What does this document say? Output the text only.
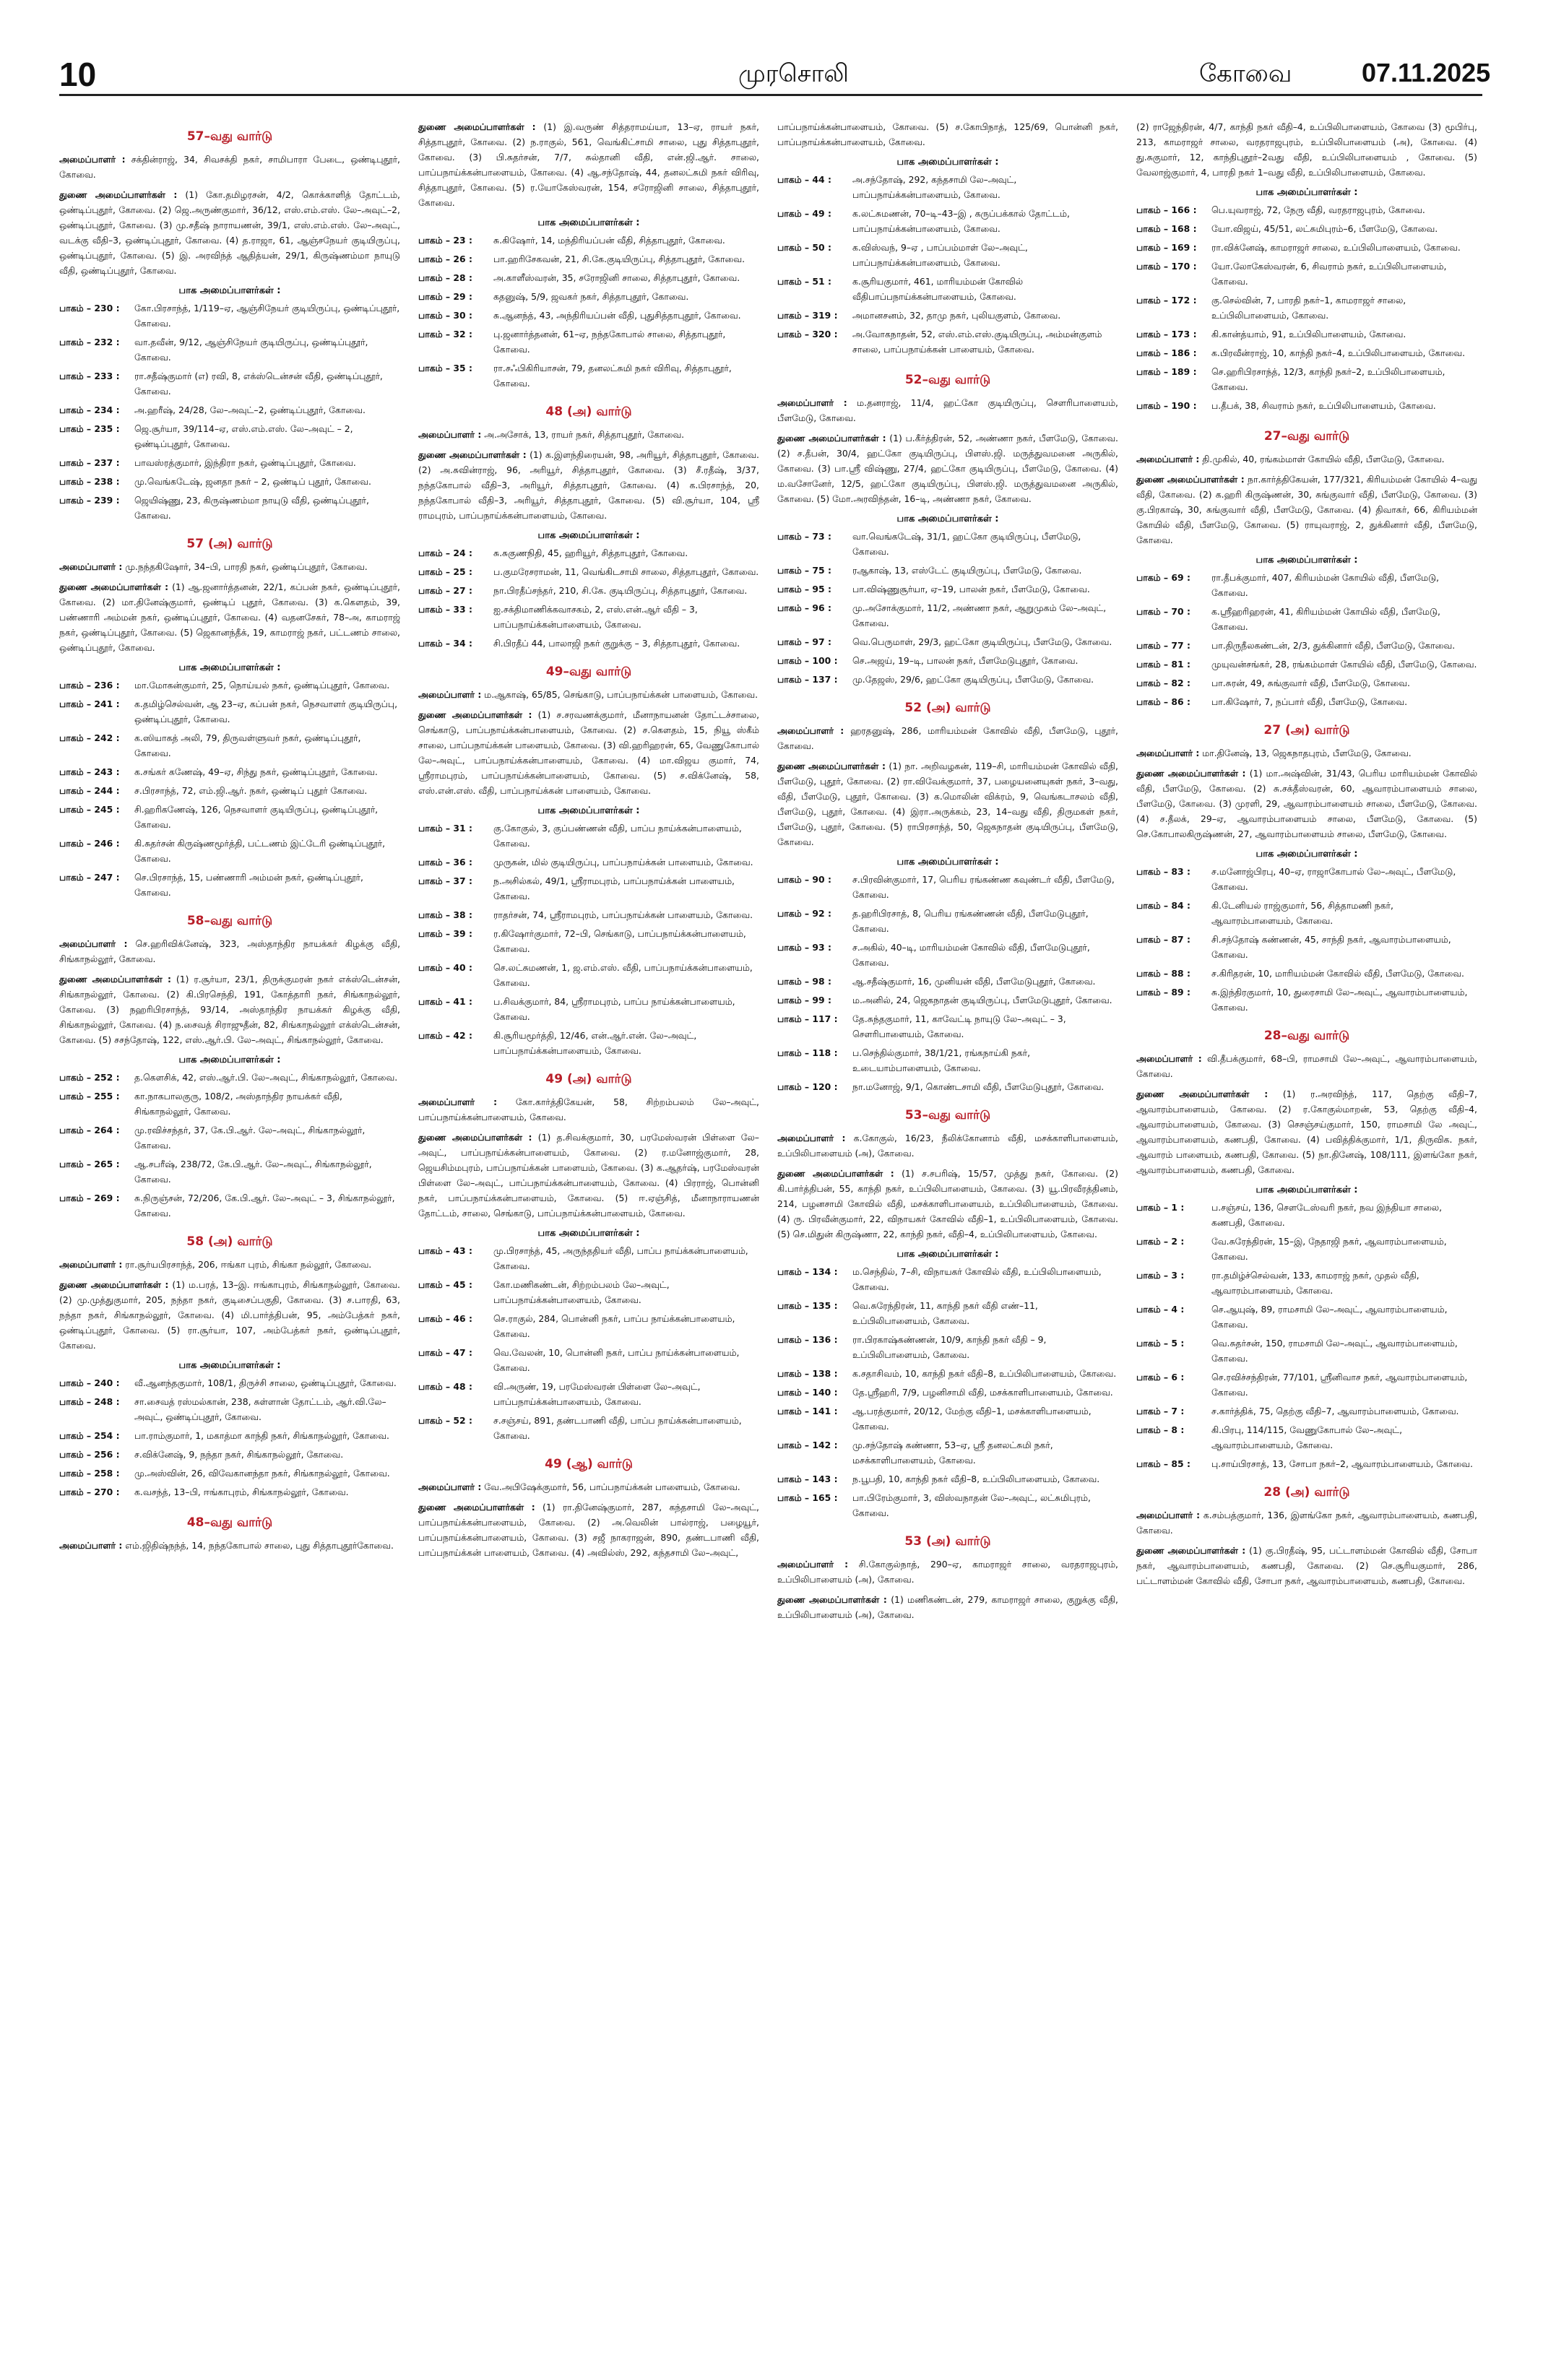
10	முரசொலி	கோவை	07.11.2025
57–வது வார்டு
அமைப்பாளர் : சக்தின்ராஜ், 34, சிவசக்தி நகர், சாமிபாரா பேடை, ஒண்டிபுதூர், கோவை.
துணை அமைப்பாளர்கள் : (1) கோ.தமிழரசன், 4/2, கொக்காளித் தோட்டம், ஒண்டிப்புதூர், கோவை. (2) ஜெ.அருண்குமார், 36/12, எஸ்.எம்.எஸ். லே–அவுட்–2, ஒண்டிப்புதூர், கோவை. (3) மு.சதீஷ் நாராயணன், 39/1, எஸ்.எம்.எஸ். லே–அவுட், வடக்கு வீதி–3, ஒண்டிப்புதூர், கோவை. (4) த.ராஜா, 61, ஆஞ்சநேயர் குடியிருப்பு, ஒண்டிப்புதூர், கோவை. (5) இ. அரவிந்த் ஆதித்யன், 29/1, கிருஷ்ணம்மா நாயுடு வீதி, ஒண்டிப்புதூர், கோவை.
பாக அமைப்பாளர்கள் :
பாகம் – 230 :	கோ.பிரசாந்த், 1/119–ஏ, ஆஞ்சிநேயர் குடியிருப்பு, ஒண்டிப்புதூர், கோவை.
பாகம் – 232 :	வா.தவீன், 9/12, ஆஞ்சிநேயர் குடியிருப்பு, ஒண்டிப்புதூர், கோவை.
பாகம் – 233 :	ரா.சதீஷ்குமார் (எ) ரவி, 8, எக்ஸ்டென்சன் வீதி, ஒண்டிப்புதூர், கோவை.
பாகம் – 234 :	அ.ஹரீஷ், 24/28, லே–அவுட்–2, ஒண்டிப்புதூர், கோவை.
பாகம் – 235 :	ஜெ.சூர்யா, 39/114–ஏ, எஸ்.எம்.எஸ். லே–அவுட் – 2, ஒண்டிப்புதூர், கோவை.
பாகம் – 237 :	பாவஸ்ரத்குமார், இந்திரா நகர், ஒண்டிப்புதூர், கோவை.
பாகம் – 238 :	மு.வெங்கடேஷ், ஜனதா நகர் – 2, ஒண்டிப் புதூர், கோவை.
பாகம் – 239 :	ஜெயிஷ்ணு, 23, கிருஷ்ணம்மா நாயுடு வீதி, ஒண்டிப்புதூர், கோவை.
57 (அ) வார்டு
அமைப்பாளர் : மு.நந்தகிஷோர், 34–பி, பாரதி நகர், ஒண்டிப்புதூர், கோவை.
துணை அமைப்பாளர்கள் : (1) ஆ.ஜனார்த்தனன், 22/1, கப்பன் நகர், ஒண்டிப்புதூர், கோவை. (2) மா.தினேஷ்குமார், ஒண்டிப் புதூர், கோவை. (3) க.கௌதம், 39, பண்ணாரி அம்மன் நகர், ஒண்டிப்புதூர், கோவை. (4) வதனசேகர், 78–அ, காமராஜ் நகர், ஒண்டிப்புதூர், கோவை. (5) ஜெகானந்தீக், 19, காமராஜ் நகர், பட்டணம் சாலை, ஒண்டிப்புதூர், கோவை.
பாக அமைப்பாளர்கள் :
பாகம் – 236 :	மா.மோகன்குமார், 25, நொய்யல் நகர், ஒண்டிப்புதூர், கோவை.
பாகம் – 241 :	க.தமிழ்செல்வன், ஆ 23–ஏ, கப்பன் நகர், நெசவாளர் குடியிருப்பு, ஒண்டிப்புதூர், கோவை.
பாகம் – 242 :	க.ஸியாகத் அலி, 79, திருவள்ளுவர் நகர், ஒண்டிப்புதூர், கோவை.
பாகம் – 243 :	க.சங்கர் கணேஷ், 49–ஏ, சிந்து நகர், ஒண்டிப்புதூர், கோவை.
பாகம் – 244 :	ச.பிரசாந்த், 72, எம்.ஜி.ஆர். நகர், ஒண்டிப் புதூர் கோவை.
பாகம் – 245 :	சி.ஹரிகணேஷ், 126, நெசவாளர் குடியிருப்பு, ஒண்டிப்புதூர், கோவை.
பாகம் – 246 :	கி.சுதர்சன் கிருஷ்ணமூர்த்தி, பட்டணம் இட்டேரி ஒண்டிப்புதூர், கோவை.
பாகம் – 247 :	செ.பிரசாந்த், 15, பண்ணாரி அம்மன் நகர், ஒண்டிப்புதூர், கோவை.
58–வது வார்டு
அமைப்பாளர் : செ.ஹரிவிக்னேஷ், 323, அஸ்தாந்திர நாயக்கர் கிழக்கு வீதி, சிங்காநல்லூர், கோவை.
துணை அமைப்பாளர்கள் : (1) ர.சூர்யா, 23/1, திருக்குமரன் நகர் எக்ஸ்டென்சன், சிங்காநல்லூர், கோவை. (2) கி.பிரசெந்தி, 191, கோத்தாரி நகர், சிங்காநல்லூர், கோவை. (3) நஹரிபிரசாந்த், 93/14, அஸ்தாந்திர நாயக்கர் கிழக்கு வீதி, சிங்காநல்லூர், கோவை. (4) ந.சைவத் சிராஜுதீன், 82, சிங்காநல்லூர் எக்ஸ்டென்சன், கோவை. (5) சசந்தோஷ், 122, எஸ்.ஆர்.பி. லே–அவுட், சிங்காநல்லூர், கோவை.
பாக அமைப்பாளர்கள் :
பாகம் – 252 :	த.கௌசிக், 42, எஸ்.ஆர்.பி. லே–அவுட், சிங்காநல்லூர், கோவை.
பாகம் – 255 :	கா.நாகபாலகுரு, 108/2, அஸ்தாந்திர நாயக்கர் வீதி, சிங்காநல்லூர், கோவை.
பாகம் – 264 :	மு.ரவிச்சந்தர், 37, கே.பி.ஆர். லே–அவுட், சிங்காநல்லூர், கோவை.
பாகம் – 265 :	ஆ.சபரீஷ், 238/72, கே.பி.ஆர். லே–அவுட், சிங்காநல்லூர், கோவை.
பாகம் – 269 :	சு.நிருஞ்சன், 72/206, கே.பி.ஆர். லே–அவுட் – 3, சிங்காநல்லூர், கோவை.
58 (அ) வார்டு
அமைப்பாளர் : ரா.சூர்யபிரசாந்த், 206, ஈங்கா புரம், சிங்கா நல்லூர், கோவை.
துணை அமைப்பாளர்கள் : (1) ம.பரத், 13–இ. ஈங்காபுரம், சிங்காநல்லூர், கோவை. (2) மு.முத்துகுமார், 205, நந்தா நகர், குடிசைப்பகுதி, கோவை. (3) ச.பாரதி, 63, நந்தா நகர், சிங்காநல்லூர், கோவை. (4) மி.பார்த்திபன், 95, அம்பேத்கர் நகர், ஒண்டிப்புதூர், கோவை. (5) ரா.சூர்யா, 107, அம்பேத்கர் நகர், ஒண்டிப்புதூர், கோவை.
பாக அமைப்பாளர்கள் :
பாகம் – 240 :	வீ.ஆனந்தகுமார், 108/1, திருச்சி சாலை, ஒண்டிப்புதூர், கோவை.
பாகம் – 248 :	சா.சைவத் ரஸ்மல்கான், 238, சுள்ளான் தோட்டம், ஆர்.வி.லே– அவுட், ஒண்டிப்புதூர், கோவை.
பாகம் – 254 :	பா.ராம்குமார், 1, மகாத்மா காந்தி நகர், சிங்காநல்லூர், கோவை.
பாகம் – 256 :	ச.விக்னேஷ், 9, நந்தா நகர், சிங்காநல்லூர், கோவை.
பாகம் – 258 :	மு.அஸ்வின், 26, விவேகானந்தா நகர், சிங்காநல்லூர், கோவை.
பாகம் – 270 :	க.வசந்த், 13–பி, ஈங்காபுரம், சிங்காநல்லூர், கோவை.
48–வது வார்டு
அமைப்பாளர் : எம்.ஜிதிஷ்நந்த், 14, நந்தகோபால் சாலை, புது சித்தாபுதூர்கோவை.
துணை அமைப்பாளர்கள் : (1) இ.வருண் சித்தராமய்யா, 13–ஏ, ராயர் நகர், சித்தாபுதூர், கோவை. (2) ந.ராகுல், 561, வெங்கிட்சாமி சாலை, புது சித்தாபுதூர், கோவை. (3) பி.சுதர்சன், 7/7, சுல்தானி வீதி, என்.ஜி.ஆர். சாலை, பாப்பநாய்க்கன்பாளையம், கோவை. (4) ஆ.சந்தோஷ், 44, தனலட்சுமி நகர் விரிவு, சித்தாபுதூர், கோவை. (5) ர.யோகேஸ்வரன், 154, சரோஜினி சாலை, சித்தாபுதூர், கோவை.
பாக அமைப்பாளர்கள் :
பாகம் – 23 :	சு.கிஷோர், 14, மந்திரியப்பன் வீதி, சித்தாபுதூர், கோவை.
பாகம் – 26 :	பா.ஹரிசேகவன், 21, சி.கே.குடியிருப்பு, சித்தாபுதூர், கோவை.
பாகம் – 28 :	அ.காளீஸ்வரன், 35, சரோஜினி சாலை, சித்தாபுதூர், கோவை.
பாகம் – 29 :	கதனுஷ், 5/9, ஜவகர் நகர், சித்தாபுதூர், கோவை.
பாகம் – 30 :	சு.ஆனந்த், 43, அந்திரியப்பன் வீதி, புதுசித்தாபுதூர், கோவை.
பாகம் – 32 :	பு.ஜனார்த்தனன், 61–ஏ, நந்தகோபால் சாலை, சித்தாபுதூர், கோவை.
பாகம் – 35 :	ரா.சஃபிகிரியாசன், 79, தனலட்சுமி நகர் விரிவு, சித்தாபுதூர், கோவை.
48 (அ) வார்டு
அமைப்பாளர் : அ.அசோக், 13, ராயர் நகர், சித்தாபுதூர், கோவை.
துணை அமைப்பாளர்கள் : (1) க.இளந்திரையன், 98, அரியூர், சித்தாபுதூர், கோவை. (2) அ.சுவின்ராஜ், 96, அரியூர், சித்தாபுதூர், கோவை. (3) சீ.ரதீஷ், 3/37, நந்தகோபால் வீதி–3, அரியூர், சித்தாபுதூர், கோவை. (4) க.பிரசாந்த், 20, நந்தகோபால் வீதி–3, அரியூர், சித்தாபுதூர், கோவை. (5) வி.சூர்யா, 104, ஸ்ரீ ராமபுரம், பாப்பநாய்க்கன்பாளையம், கோவை.
பாக அமைப்பாளர்கள் :
பாகம் – 24 :	சு.சுகுணநிதி, 45, ஹரியூர், சித்தாபுதூர், கோவை.
பாகம் – 25 :	ப.குமரேசராமன், 11, வெங்கிடசாமி சாலை, சித்தாபுதூர், கோவை.
பாகம் – 27 :	நா.பிரதீப்சந்தர், 210, சி.கே. குடியிருப்பு, சித்தாபுதூர், கோவை.
பாகம் – 33 :	ஐ.சக்திமாணிக்கவாசகம், 2, எஸ்.என்.ஆர் வீதி – 3, பாப்பநாய்க்கன்பாளையம், கோவை.
பாகம் – 34 :	சி.பிரதீப் 44, பாலாஜி நகர் குறுக்கு – 3, சித்தாபுதூர், கோவை.
49–வது வார்டு
அமைப்பாளர் : ம.ஆகாஷ், 65/85, செங்காடு, பாப்பநாய்க்கன் பாளையம், கோவை.
துணை அமைப்பாளர்கள் : (1) ச.சரவணக்குமார், மீனாநாயனன் தோட்டச்சாலை, செங்காடு, பாப்பநாய்க்கன்பாளையம், கோவை. (2) ச.கௌதம், 15, நியூ ஸ்கீம் சாலை, பாப்பநாய்க்கன் பாளையம், கோவை. (3) வி.ஹரிஹரன், 65, வேணுகோபால் லே–அவுட், பாப்பநாய்க்கன்பாளையம், கோவை. (4) மா.விஜய குமார், 74, ஸ்ரீராமபுரம், பாப்பநாய்க்கன்பாளையம், கோவை. (5) ச.விக்னேஷ், 58, எஸ்.என்.எஸ். வீதி, பாப்பநாய்க்கன் பாளையம், கோவை.
பாக அமைப்பாளர்கள் :
பாகம் – 31 :	கு.கோகுல், 3, குப்பண்ணன் வீதி, பாப்ப நாய்க்கன்பாளையம், கோவை.
பாகம் – 36 :	முருகன், மில் குடியிருப்பு, பாப்பநாய்க்கன் பாளையம், கோவை.
பாகம் – 37 :	ந.அசில்கல், 49/1, ஸ்ரீராமபுரம், பாப்பநாய்க்கன் பாளையம், கோவை.
பாகம் – 38 :	ராதர்சன், 74, ஸ்ரீராமபுரம், பாப்பநாய்க்கன் பாளையம், கோவை.
பாகம் – 39 :	ர.கிஷோர்குமார், 72–பி, செங்காடு, பாப்பநாய்க்கன்பாளையம், கோவை.
பாகம் – 40 :	செ.லட்சுமணன், 1, ஜ.எம்.எஸ். வீதி, பாப்பநாய்க்கன்பாளையம், கோவை.
பாகம் – 41 :	ப.சிவக்குமார், 84, ஸ்ரீராமபுரம், பாப்ப நாய்க்கன்பாளையம், கோவை.
பாகம் – 42 :	கி.சூரியமூர்த்தி, 12/46, என்.ஆர்.என். லே–அவுட், பாப்பநாய்க்கன்பாளையம், கோவை.
49 (அ) வார்டு
அமைப்பாளர் : கோ.கார்த்திகேயன், 58, சிற்றம்பலம் லே–அவுட், பாப்பநாய்க்கன்பாளையம், கோவை.
துணை அமைப்பாளர்கள் : (1) த.சிவக்குமார், 30, பரமேஸ்வரன் பிள்ளை லே–அவுட், பாப்பநாய்க்கன்பாளையம், கோவை. (2) ர.மனோஜ்குமார், 28, ஜெயசிம்மபுரம், பாப்பநாய்க்கன் பாளையம், கோவை. (3) க.ஆதர்ஷ், பரமேஸ்வரன் பிள்ளை லே–அவுட், பாப்பநாய்க்கன்பாளையம், கோவை. (4) பிரராஜ், பொன்னி நகர், பாப்பநாய்க்கன்பாளையம், கோவை. (5) ஈ.ஏஞ்சித், மீனாநாராயணன் தோட்டம், சாலை, செங்காடு, பாப்பநாய்க்கன்பாளையம், கோவை.
பாக அமைப்பாளர்கள் :
பாகம் – 43 :	மு.பிரசாந்த், 45, அருந்ததியர் வீதி, பாப்ப நாய்க்கன்பாளையம், கோவை.
பாகம் – 45 :	கோ.மணிகண்டன், சிற்றம்பலம் லே–அவுட், பாப்பநாய்க்கன்பாளையம், கோவை.
பாகம் – 46 :	செ.ராகுல், 284, பொன்னி நகர், பாப்ப நாய்க்கன்பாளையம், கோவை.
பாகம் – 47 :	வெ.வேலன், 10, பொன்னி நகர், பாப்ப நாய்க்கன்பாளையம், கோவை.
பாகம் – 48 :	வி.அருண், 19, பரமேஸ்வரன் பிள்ளை லே–அவுட், பாப்பநாய்க்கன்பாளையம், கோவை.
பாகம் – 52 :	ச.சஞ்சய், 891, தண்டபாணி வீதி, பாப்ப நாய்க்கன்பாளையம், கோவை.
49 (ஆ) வார்டு
அமைப்பாளர் : வே.அபிஷேக்குமார், 56, பாப்பநாய்க்கன் பாளையம், கோவை.
துணை அமைப்பாளர்கள் : (1) ரா.தினேஷ்குமார், 287, கந்தசாமி லே–அவுட், பாப்பநாய்க்கன்பாளையம், கோவை. (2) அ.வெலின் பால்ராஜ், பழையூர், பாப்பநாய்க்கன்பாளையம், கோவை. (3) சஜீ நாகராஜன், 890, தண்டபாணி வீதி, பாப்பநாய்க்கன் பாளையம், கோவை. (4) அவில்ஸ், 292, கந்தசாமி லே–அவுட்,
பாப்பநாய்க்கன்பாளையம், கோவை. (5) ச.கோபிநாத், 125/69, பொன்னி நகர், பாப்பநாய்க்கன்பாளையம், கோவை.
பாக அமைப்பாளர்கள் :
பாகம் – 44 :	அ.சந்தோஷ், 292, கந்தசாமி லே–அவுட், பாப்பநாய்க்கன்பாளையம், கோவை.
பாகம் – 49 :	க.லட்சுமணன், 70–டி–43–இ , கருப்பக்கால் தோட்டம், பாப்பநாய்க்கன்பாளையம், கோவை.
பாகம் – 50 :	க.விஸ்வந், 9–ஏ , பாப்பம்மாள் லே–அவுட், பாப்பநாய்க்கன்பாளையம், கோவை.
பாகம் – 51 :	க.சூரியகுமார், 461, மாரியம்மன் கோவில் வீதிபாப்பநாய்க்கன்பாளையம், கோவை.
பாகம் – 319 :	அமானசனம், 32, தாமு நகர், புலியகுளம், கோவை.
பாகம் – 320 :	அ.வோகநாதன், 52, எஸ்.எம்.எஸ்.குடியிருப்பு, அம்மன்குளம் சாலை, பாப்பநாய்க்கன் பாளையம், கோவை.
52–வது வார்டு
அமைப்பாளர் : ம.தனராஜ், 11/4, ஹட்கோ குடியிருப்பு, சௌரிபாளையம், பீளமேடு, கோவை.
துணை அமைப்பாளர்கள் : (1) ப.கீர்த்திரன், 52, அண்ணா நகர், பீளமேடு, கோவை. (2) ச.தீபன், 30/4, ஹட்கோ குடியிருப்பு, பிளஸ்.ஜி. மருத்துவமனை அருகில், கோவை. (3) பா.ஸ்ரீ விஷ்ணு, 27/4, ஹட்கோ குடியிருப்பு, பீளமேடு, கோவை. (4) ம.வசோனேர், 12/5, ஹட்கோ குடியிருப்பு, பிளஸ்.ஜி. மருத்துவமனை அருகில், கோவை. (5) மோ.அரவிந்தன், 16–டி, அண்ணா நகர், கோவை.
பாக அமைப்பாளர்கள் :
பாகம் – 73 :	வா.வெங்கடேஷ், 31/1, ஹட்கோ குடியிருப்பு, பீளமேடு, கோவை.
பாகம் – 75 :	ரஆகாஷ், 13, எஸ்டேட் குடியிருப்பு, பீளமேடு, கோவை.
பாகம் – 95 :	பா.விஷ்ணுசூர்யா, ஏ–19, பாலன் நகர், பீளமேடு, கோவை.
பாகம் – 96 :	மு.அசோக்குமார், 11/2, அண்ணா நகர், ஆறுமுகம் லே–அவுட், கோவை.
பாகம் – 97 :	வெ.பெருமாள், 29/3, ஹட்கோ குடியிருப்பு, பீளமேடு, கோவை.
பாகம் – 100 :	செ.அஜய், 19–டி, பாலன் நகர், பீளமேடுபுதூர், கோவை.
பாகம் – 137 :	மு.தேஜஸ், 29/6, ஹட்கோ குடியிருப்பு, பீளமேடு, கோவை.
52 (அ) வார்டு
அமைப்பாளர் : ஹரதனுஷ், 286, மாரியம்மன் கோவில் வீதி, பீளமேடு, புதூர், கோவை.
துணை அமைப்பாளர்கள் : (1) நா. அறிவழகன், 119–சி, மாரியம்மன் கோவில் வீதி, பீளமேடு, புதூர், கோவை. (2) ரா.விவேக்குமார், 37, பழையனையுகள் நகர், 3–வது, வீதி, பீளமேடு, புதூர், கோவை. (3) க.மொலின் விக்ரம், 9, வெங்கடாசலம் வீதி, பீளமேடு, புதூர், கோவை. (4) இரா.அருக்கம், 23, 14–வது வீதி, திருமகள் நகர், பீளமேடு, புதூர், கோவை. (5) ராபிரசாந்த், 50, ஜெகநாதன் குடியிருப்பு, பீளமேடு, கோவை.
பாக அமைப்பாளர்கள் :
பாகம் – 90 :	ச.பிரவின்குமார், 17, பெரிய ரங்கண்ண கவுண்டர் வீதி, பீளமேடு, கோவை.
பாகம் – 92 :	த.ஹரிபிரசாத், 8, பெரிய ரங்கண்ணன் வீதி, பீளமேடுபுதூர், கோவை.
பாகம் – 93 :	ச.அகில், 40–டி, மாரியம்மன் கோவில் வீதி, பீளமேடுபுதூர், கோவை.
பாகம் – 98 :	ஆ.சதீஷ்குமார், 16, முனியன் வீதி, பீளமேடுபுதூர், கோவை.
பாகம் – 99 :	ம.அனில், 24, ஜெகநாதன் குடியிருப்பு, பீளமேடுபுதூர், கோவை.
பாகம் – 117 :	தே.சுந்தகுமார், 11, காவேட்டி நாயுடு லே–அவுட் – 3, சௌரிபாளையம், கோவை.
பாகம் – 118 :	ப.செந்தில்குமார், 38/1/21, ரங்கநாய்கி நகர், உடையாம்பாளையம், கோவை.
பாகம் – 120 :	நா.மனோஜ், 9/1, கொண்டசாமி வீதி, பீளமேடுபுதூர், கோவை.
53–வது வார்டு
அமைப்பாளர் : க.கோகுல், 16/23, நீலிக்கோனாம் வீதி, மசக்காளிபாளையம், உப்பிலிபாளையம் (அ), கோவை.
துணை அமைப்பாளர்கள் : (1) ச.சபரிஷ், 15/57, முத்து நகர், கோவை. (2) கி.பார்த்திபன், 55, காந்தி நகர், உப்பிலிபாளையம், கோவை. (3) யூ.பிரவீரத்தினம், 214, பழனசாமி கோவில் வீதி, மசக்காளிபாளையம், உப்பிலிபாளையம், கோவை. (4) ரு. பிரவீன்குமார், 22, விநாயகர் கோவில் வீதி–1, உப்பிலிபாளையம், கோவை. (5) செ.மிதுன் கிருஷ்ணா, 22, காந்தி நகர், வீதி–4, உப்பிலிபாளையம், கோவை.
பாக அமைப்பாளர்கள் :
பாகம் – 134 :	ம.செந்தில், 7–சி, விநாயகர் கோவில் வீதி, உப்பிலிபாளையம், கோவை.
பாகம் – 135 :	வெ.சுரேந்திரன், 11, காந்தி நகர் வீதி எண்–11, உப்பிலிபாளையம், கோவை.
பாகம் – 136 :	ரா.பிரகாஷ்கண்ணன், 10/9, காந்தி நகர் வீதி – 9, உப்பிலிபாளையம், கோவை.
பாகம் – 138 :	க.சதாசிவம், 10, காந்தி நகர் வீதி–8, உப்பிலிபாளையம், கோவை.
பாகம் – 140 :	தே.ஸ்ரீஹரி, 7/9, பழனிசாமி வீதி, மசக்காளிபாளையம், கோவை.
பாகம் – 141 :	ஆ.பரத்குமார், 20/12, மேற்கு வீதி–1, மசக்காளிபாளையம், கோவை.
பாகம் – 142 :	மு.சந்தோஷ் கண்ணா, 53–ஏ, ஸ்ரீ தனலட்சுமி நகர், மசக்காளிபாளையம், கோவை.
பாகம் – 143 :	ந.பூபதி, 10, காந்தி நகர் வீதி–8, உப்பிலிபாளையம், கோவை.
பாகம் – 165 :	பா.பிரேம்குமார், 3, விஸ்வநாதன் லே–அவுட், லட்சுமிபுரம், கோவை.
53 (அ) வார்டு
அமைப்பாளர் : சி.கோகுல்நாத், 290–ஏ, காமராஜர் சாலை, வரதராஜபுரம், உப்பிலிபாளையம் (அ), கோவை.
துணை அமைப்பாளர்கள் : (1) மணிகண்டன், 279, காமராஜர் சாலை, குறுக்கு வீதி, உப்பிலிபாளையம் (அ), கோவை.
(2) ராஜேந்திரன், 4/7, காந்தி நகர் வீதி–4, உப்பிலிபாளையம், கோவை (3) மூபிர்பு, 213, காமராஜர் சாலை, வரதராஜபுரம், உப்பிலிபாளையம் (அ), கோவை. (4) து.சுகுமார், 12, காந்திபுதூர்–2வது வீதி, உப்பிலிபாளையம் , கோவை. (5) வேலாஜ்குமார், 4, பாரதி நகர் 1–வது வீதி, உப்பிலிபாளையம், கோவை.
பாக அமைப்பாளர்கள் :
பாகம் – 166 :	பெ.யுவராஜ், 72, நேரு வீதி, வரதராஜபுரம், கோவை.
பாகம் – 168 :	யோ.விஜய், 45/51, லட்சுமிபுரம்–6, பீளமேடு, கோவை.
பாகம் – 169 :	ரா.விக்னேஷ், காமராஜர் சாலை, உப்பிலிபாளையம், கோவை.
பாகம் – 170 :	யோ.லோகேஸ்வரன், 6, சிவராம் நகர், உப்பிலிபாளையம், கோவை.
பாகம் – 172 :	கு.செல்வின், 7, பாரதி நகர்–1, காமராஜர் சாலை, உப்பிலிபாளையம், கோவை.
பாகம் – 173 :	கி.கான்த்யாம், 91, உப்பிலிபாளையம், கோவை.
பாகம் – 186 :	க.பிரவீன்ராஜ், 10, காந்தி நகர்–4, உப்பிலிபாளையம், கோவை.
பாகம் – 189 :	செ.ஹரிபிரசாந்த், 12/3, காந்தி நகர்–2, உப்பிலிபாளையம், கோவை.
பாகம் – 190 :	ப.தீபக், 38, சிவராம் நகர், உப்பிலிபாளையம், கோவை.
27–வது வார்டு
அமைப்பாளர் : தி.முகில், 40, ரங்கம்மாள் கோயில் வீதி, பீளமேடு, கோவை.
துணை அமைப்பாளர்கள் : நா.கார்த்திகேயன், 177/321, கிரியம்மன் கோயில் 4–வது வீதி, கோவை. (2) க.ஹரி கிருஷ்ணன், 30, சுங்குவார் வீதி, பீளமேடு, கோவை. (3) கு.பிரகாஷ், 30, சுங்குவார் வீதி, பீளமேடு, கோவை. (4) திவாகர், 66, கிரியம்மன் கோயில் வீதி, பீளமேடு, கோவை. (5) ராயுவராஜ், 2, துக்கினார் வீதி, பீளமேடு, கோவை.
பாக அமைப்பாளர்கள் :
பாகம் – 69 :	ரா.தீபக்குமார், 407, கிரியம்மன் கோயில் வீதி, பீளமேடு, கோவை.
பாகம் – 70 :	க.ஸ்ரீஹரிஹரன், 41, கிரியம்மன் கோயில் வீதி, பீளமேடு, கோவை.
பாகம் – 77 :	பா.திருநீலகண்டன், 2/3, துக்கினார் வீதி, பீளமேடு, கோவை.
பாகம் – 81 :	முயுவன்சங்கர், 28, ரங்கம்மாள் கோயில் வீதி, பீளமேடு, கோவை.
பாகம் – 82 :	பா.சுரன், 49, சுங்குவார் வீதி, பீளமேடு, கோவை.
பாகம் – 86 :	பா.கிஷோர், 7, நப்பார் வீதி, பீளமேடு, கோவை.
27 (அ) வார்டு
அமைப்பாளர் : மா.தினேஷ், 13, ஜெகநாதபுரம், பீளமேடு, கோவை.
துணை அமைப்பாளர்கள் : (1) மா.அஷ்வின், 31/43, பெரிய மாரியம்மன் கோவில் வீதி, பீளமேடு, கோவை. (2) சு.சக்தீஸ்வரன், 60, ஆவாரம்பாளையம் சாலை, பீளமேடு, கோவை. (3) முரளி, 29, ஆவாரம்பாளையம் சாலை, பீளமேடு, கோவை. (4) ச.தீலக், 29–ஏ, ஆவாரம்பாளையம் சாலை, பீளமேடு, கோவை. (5) செ.கோபாலகிருஷ்ணன், 27, ஆவாரம்பாளையம் சாலை, பீளமேடு, கோவை.
பாக அமைப்பாளர்கள் :
பாகம் – 83 :	ச.மனோஜ்பிரபு, 40–ஏ, ராஜாகோபால் லே–அவுட், பீளமேடு, கோவை.
பாகம் – 84 :	கி.டேனியல் ராஜ்குமார், 56, சித்தாமணி நகர், ஆவாரம்பாளையம், கோவை.
பாகம் – 87 :	சி.சந்தோஷ் கண்ணன், 45, சாந்தி நகர், ஆவாரம்பாளையம், கோவை.
பாகம் – 88 :	ச.கிரிதரன், 10, மாரியம்மன் கோவில் வீதி, பீளமேடு, கோவை.
பாகம் – 89 :	சு.இந்திரகுமார், 10, துரைசாமி லே–அவுட், ஆவாரம்பாளையம், கோவை.
28–வது வார்டு
அமைப்பாளர் : வி.தீபக்குமார், 68–பி, ராமசாமி லே–அவுட், ஆவாரம்பாளையம், கோவை.
துணை அமைப்பாளர்கள் : (1) ர.அரவிந்த், 117, தெற்கு வீதி–7, ஆவாரம்பாளையம், கோவை. (2) ர.கோகுல்மாறன், 53, தெற்கு வீதி–4, ஆவாரம்பாளையம், கோவை. (3) செசஞ்சய்குமார், 150, ராமசாமி லே அவுட், ஆவாரம்பாளையம், கணபதி, கோவை. (4) பவித்திக்குமார், 1/1, திருவிக. நகர், ஆவாரம் பாளையம், கணபதி, கோவை. (5) நா.தினேஷ், 108/111, இளங்கோ நகர், ஆவாரம்பாளையம், கணபதி, கோவை.
பாக அமைப்பாளர்கள் :
பாகம் – 1 :	ப.சஞ்சய், 136, செளடேஸ்வரி நகர், நவ இந்தியா சாலை, கணபதி, கோவை.
பாகம் – 2 :	வே.சுரேந்திரன், 15–இ, நேதாஜி நகர், ஆவாரம்பாளையம், கோவை.
பாகம் – 3 :	ரா.தமிழ்ச்செல்வன், 133, காமராஜ் நகர், முதல் வீதி, ஆவாரம்பாளையம், கோவை.
பாகம் – 4 :	செ.ஆயுஷ், 89, ராமசாமி லே–அவுட், ஆவாரம்பாளையம், கோவை.
பாகம் – 5 :	வெ.சுதர்சன், 150, ராமசாமி லே–அவுட், ஆவாரம்பாளையம், கோவை.
பாகம் – 6 :	செ.ரவிச்சந்திரன், 77/101, ஸ்ரீனிவாச நகர், ஆவாரம்பாளையம், கோவை.
பாகம் – 7 :	ச.கார்த்திக், 75, தெற்கு வீதி–7, ஆவாரம்பாளையம், கோவை.
பாகம் – 8 :	கி.பிரபு, 114/115, வேணுகோபால் லே–அவுட், ஆவாரம்பாளையம், கோவை.
பாகம் – 85 :	பு.சாய்பிரசாத், 13, சோபா நகர்–2, ஆவாரம்பாளையம், கோவை.
28 (அ) வார்டு
அமைப்பாளர் : க.சம்பத்குமார், 136, இளங்கோ நகர், ஆவாரம்பாளையம், கணபதி, கோவை.
துணை அமைப்பாளர்கள் : (1) கு.பிரதீஷ், 95, பட்டாளம்மன் கோவில் வீதி, சோபா நகர், ஆவாரம்பாளையம், கணபதி, கோவை. (2) செ.சூரியகுமார், 286, பட்டாளம்மன் கோவில் வீதி, சோபா நகர், ஆவாரம்பாளையம், கணபதி, கோவை.
